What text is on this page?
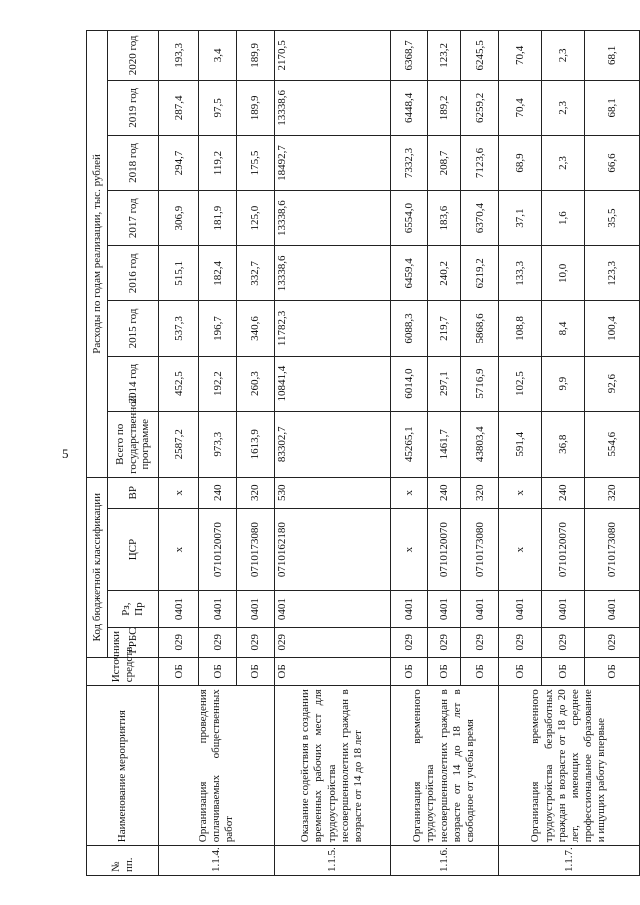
5
№ пп.	Наименование мероприятия	Источники средств	Код бюджетной классификации				Расходы по годам реализации, тыс. рублей							
			ГРБС	Рз, Пр	ЦСР	ВР	Всего по государственной программе	2014 год	2015 год	2016 год	2017 год	2018 год	2019 год	2020 год
1.1.4.	Организация проведения оплачиваемых общественных работ	ОБ	029	0401	x	x	2587,2	452,5	537,3	515,1	306,9	294,7	287,4	193,3
		ОБ	029	0401	0710120070	240	973,3	192,2	196,7	182,4	181,9	119,2	97,5	3,4
		ОБ	029	0401	0710173080	320	1613,9	260,3	340,6	332,7	125,0	175,5	189,9	189,9
1.1.5.	Оказание содействия в создании временных рабочих мест для трудоустройства несовершеннолетних граждан в возрасте от 14 до 18 лет	ОБ	029	0401	0710162180	530	83302,7	10841,4	11782,3	13338,6	13338,6	18492,7	13338,6	2170,5
1.1.6.	Организация временного трудоустройства несовершеннолетних граждан в возрасте от 14 до 18 лет в свободное от учебы время	ОБ	029	0401	x	x	45265,1	6014,0	6088,3	6459,4	6554,0	7332,3	6448,4	6368,7
		ОБ	029	0401	0710120070	240	1461,7	297,1	219,7	240,2	183,6	208,7	189,2	123,2
		ОБ	029	0401	0710173080	320	43803,4	5716,9	5868,6	6219,2	6370,4	7123,6	6259,2	6245,5
1.1.7.	Организация временного трудоустройства безработных граждан в возрасте от 18 до 20 лет, имеющих среднее профессиональное образование и ищущих работу впервые	ОБ	029	0401	x	x	591,4	102,5	108,8	133,3	37,1	68,9	70,4	70,4
		ОБ	029	0401	0710120070	240	36,8	9,9	8,4	10,0	1,6	2,3	2,3	2,3
		ОБ	029	0401	0710173080	320	554,6	92,6	100,4	123,3	35,5	66,6	68,1	68,1
